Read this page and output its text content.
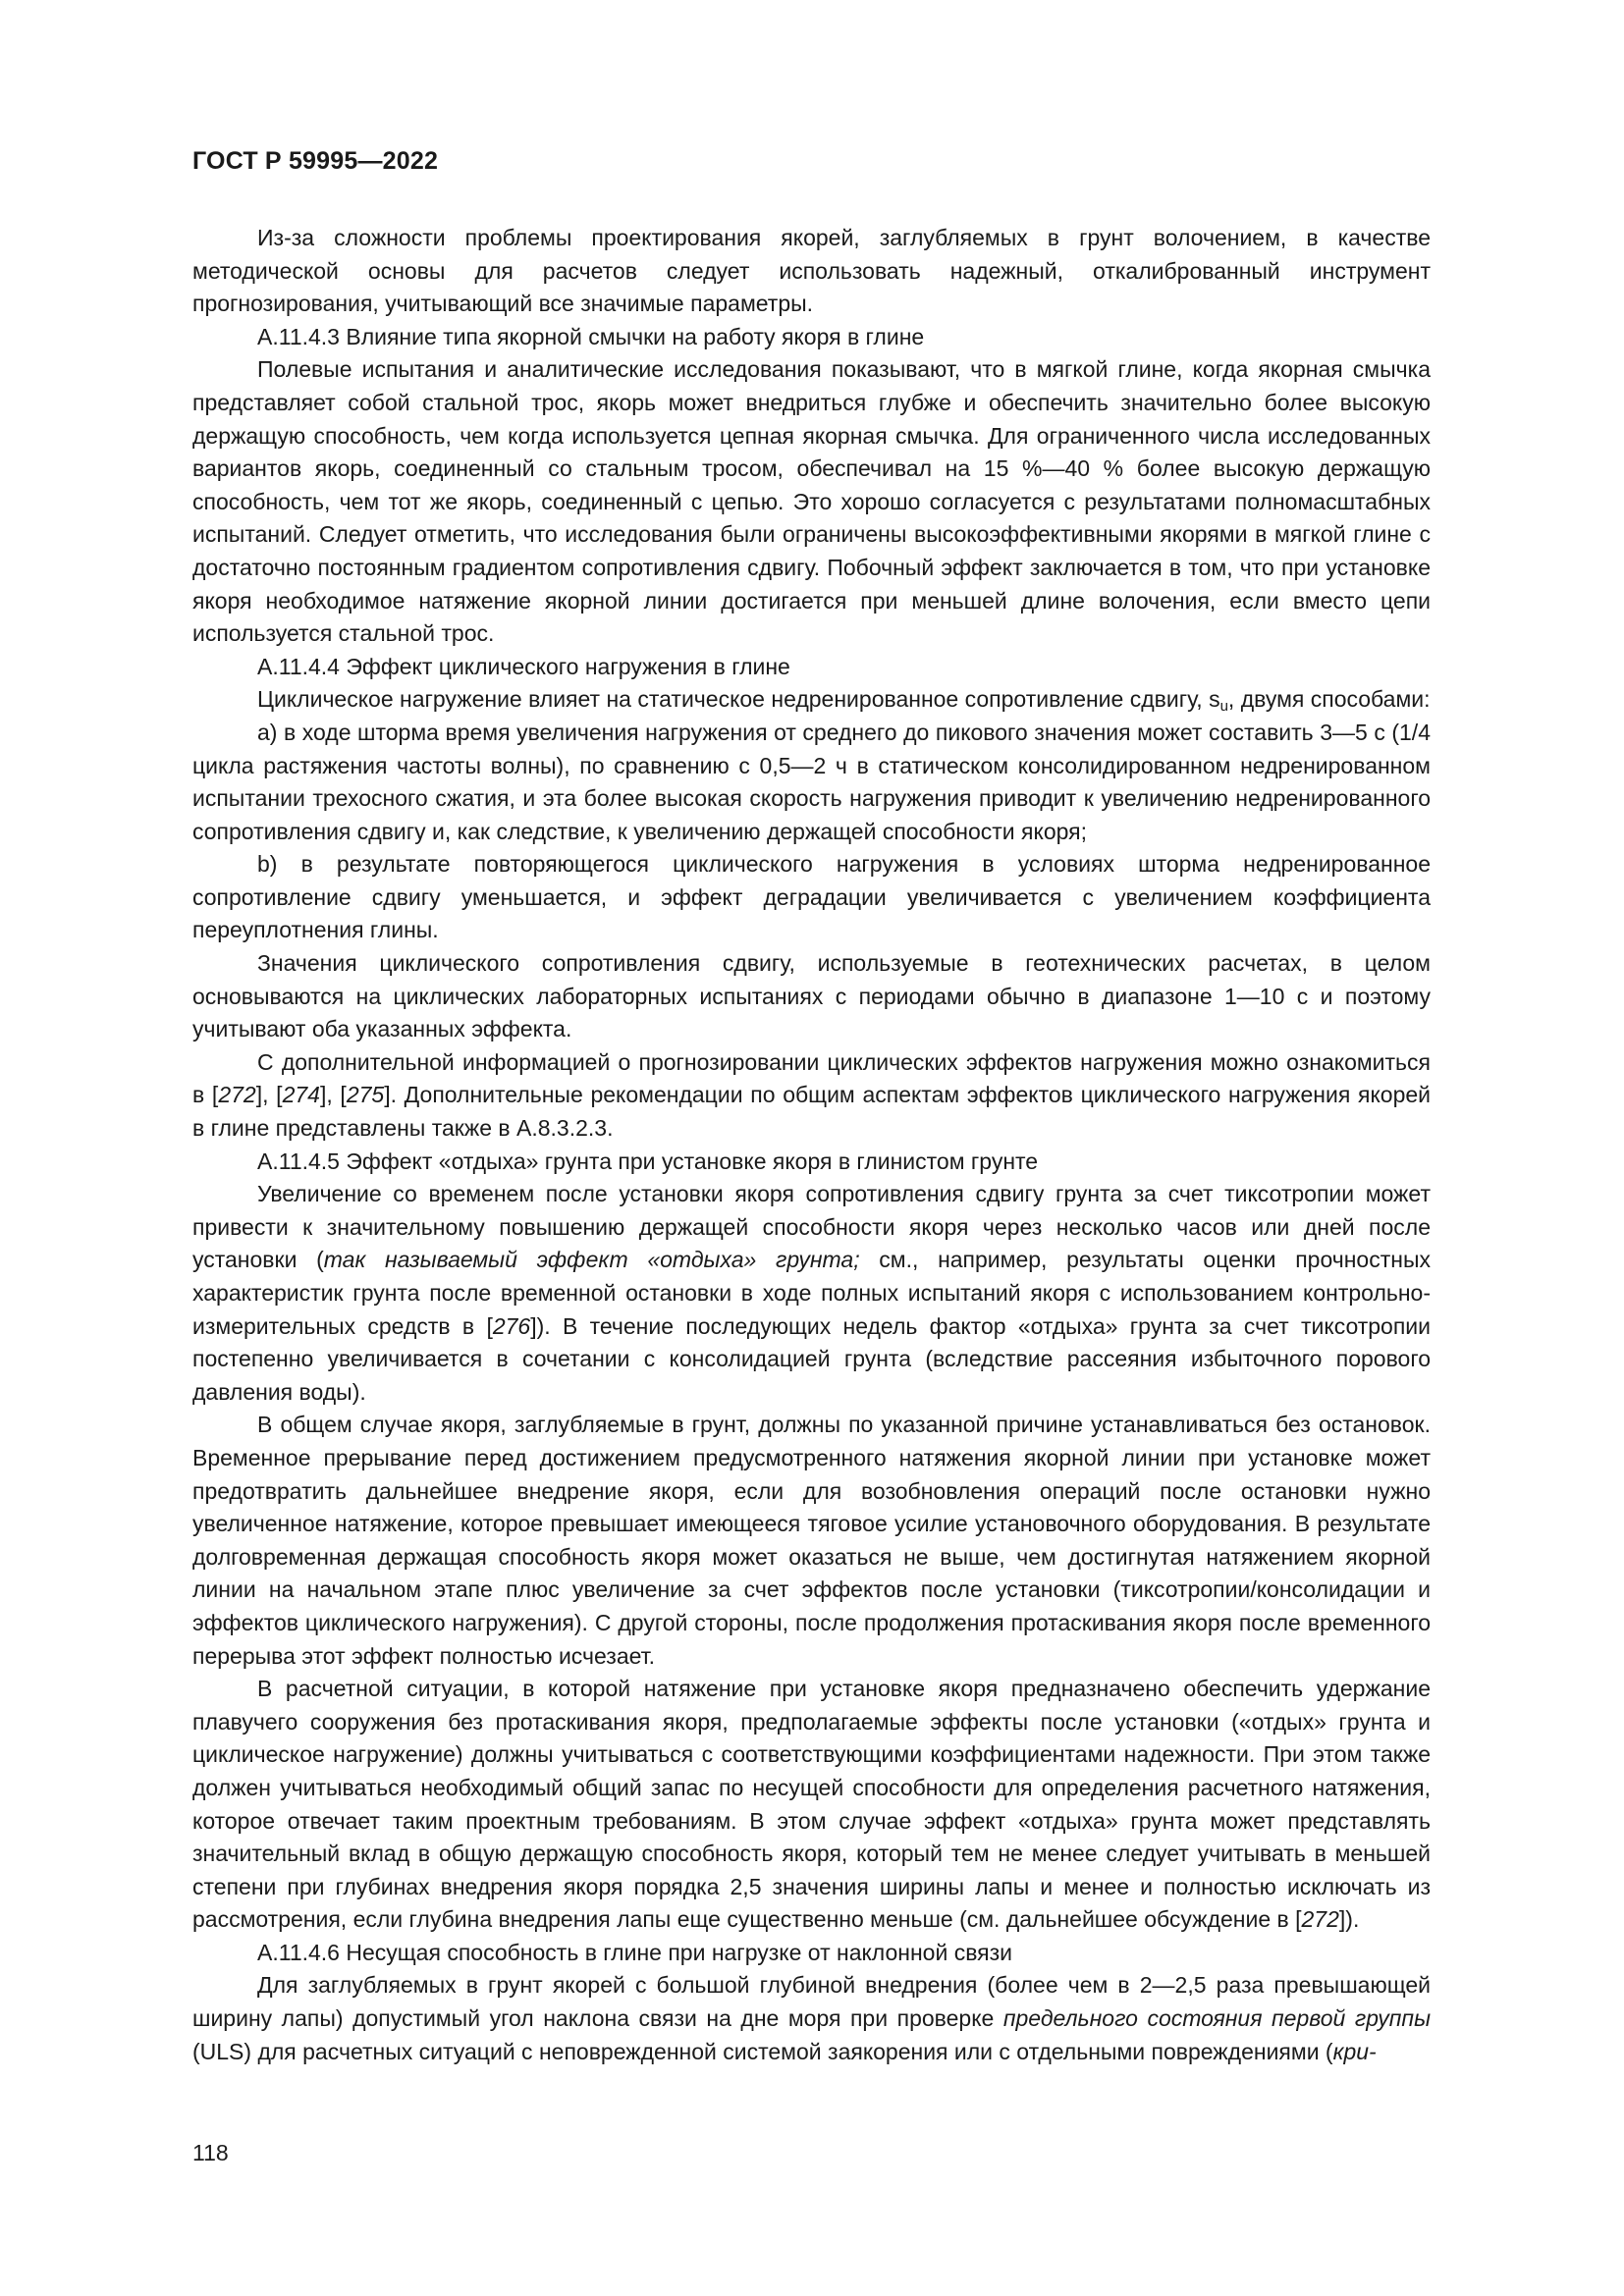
ГОСТ Р 59995—2022

Из-за сложности проблемы проектирования якорей, заглубляемых в грунт волочением, в качестве методической основы для расчетов следует использовать надежный, откалиброванный инструмент прогнозирования, учитывающий все значимые параметры.

А.11.4.3 Влияние типа якорной смычки на работу якоря в глине

Полевые испытания и аналитические исследования показывают, что в мягкой глине, когда якорная смычка представляет собой стальной трос, якорь может внедриться глубже и обеспечить значительно более высокую держащую способность, чем когда используется цепная якорная смычка. Для ограниченного числа исследованных вариантов якорь, соединенный со стальным тросом, обеспечивал на 15 %—40 % более высокую держащую способность, чем тот же якорь, соединенный с цепью. Это хорошо согласуется с результатами полномасштабных испытаний. Следует отметить, что исследования были ограничены высокоэффективными якорями в мягкой глине с достаточно постоянным градиентом сопротивления сдвигу. Побочный эффект заключается в том, что при установке якоря необходимое натяжение якорной линии достигается при меньшей длине волочения, если вместо цепи используется стальной трос.

А.11.4.4 Эффект циклического нагружения в глине

Циклическое нагружение влияет на статическое недренированное сопротивление сдвигу, $s_u$, двумя способами:

a) в ходе шторма время увеличения нагружения от среднего до пикового значения может составить 3—5 с (1/4 цикла растяжения частоты волны), по сравнению с 0,5—2 ч в статическом консолидированном недренированном испытании трехосного сжатия, и эта более высокая скорость нагружения приводит к увеличению недренированного сопротивления сдвигу и, как следствие, к увеличению держащей способности якоря;

b) в результате повторяющегося циклического нагружения в условиях шторма недренированное сопротивление сдвигу уменьшается, и эффект деградации увеличивается с увеличением коэффициента переуплотнения глины.

Значения циклического сопротивления сдвигу, используемые в геотехнических расчетах, в целом основываются на циклических лабораторных испытаниях с периодами обычно в диапазоне 1—10 с и поэтому учитывают оба указанных эффекта.

С дополнительной информацией о прогнозировании циклических эффектов нагружения можно ознакомиться в [272], [274], [275]. Дополнительные рекомендации по общим аспектам эффектов циклического нагружения якорей в глине представлены также в А.8.3.2.3.

А.11.4.5 Эффект «отдыха» грунта при установке якоря в глинистом грунте

Увеличение со временем после установки якоря сопротивления сдвигу грунта за счет тиксотропии может привести к значительному повышению держащей способности якоря через несколько часов или дней после установки (так называемый эффект «отдыха» грунта; см., например, результаты оценки прочностных характеристик грунта после временной остановки в ходе полных испытаний якоря с использованием контрольно-измерительных средств в [276]). В течение последующих недель фактор «отдыха» грунта за счет тиксотропии постепенно увеличивается в сочетании с консолидацией грунта (вследствие рассеяния избыточного порового давления воды).

В общем случае якоря, заглубляемые в грунт, должны по указанной причине устанавливаться без остановок. Временное прерывание перед достижением предусмотренного натяжения якорной линии при установке может предотвратить дальнейшее внедрение якоря, если для возобновления операций после остановки нужно увеличенное натяжение, которое превышает имеющееся тяговое усилие установочного оборудования. В результате долговременная держащая способность якоря может оказаться не выше, чем достигнутая натяжением якорной линии на начальном этапе плюс увеличение за счет эффектов после установки (тиксотропии/консолидации и эффектов циклического нагружения). С другой стороны, после продолжения протаскивания якоря после временного перерыва этот эффект полностью исчезает.

В расчетной ситуации, в которой натяжение при установке якоря предназначено обеспечить удержание плавучего сооружения без протаскивания якоря, предполагаемые эффекты после установки («отдых» грунта и циклическое нагружение) должны учитываться с соответствующими коэффициентами надежности. При этом также должен учитываться необходимый общий запас по несущей способности для определения расчетного натяжения, которое отвечает таким проектным требованиям. В этом случае эффект «отдыха» грунта может представлять значительный вклад в общую держащую способность якоря, который тем не менее следует учитывать в меньшей степени при глубинах внедрения якоря порядка 2,5 значения ширины лапы и менее и полностью исключать из рассмотрения, если глубина внедрения лапы еще существенно меньше (см. дальнейшее обсуждение в [272]).

А.11.4.6 Несущая способность в глине при нагрузке от наклонной связи

Для заглубляемых в грунт якорей с большой глубиной внедрения (более чем в 2—2,5 раза превышающей ширину лапы) допустимый угол наклона связи на дне моря при проверке предельного состояния первой группы (ULS) для расчетных ситуаций с неповрежденной системой заякорения или с отдельными повреждениями (кри-

118
